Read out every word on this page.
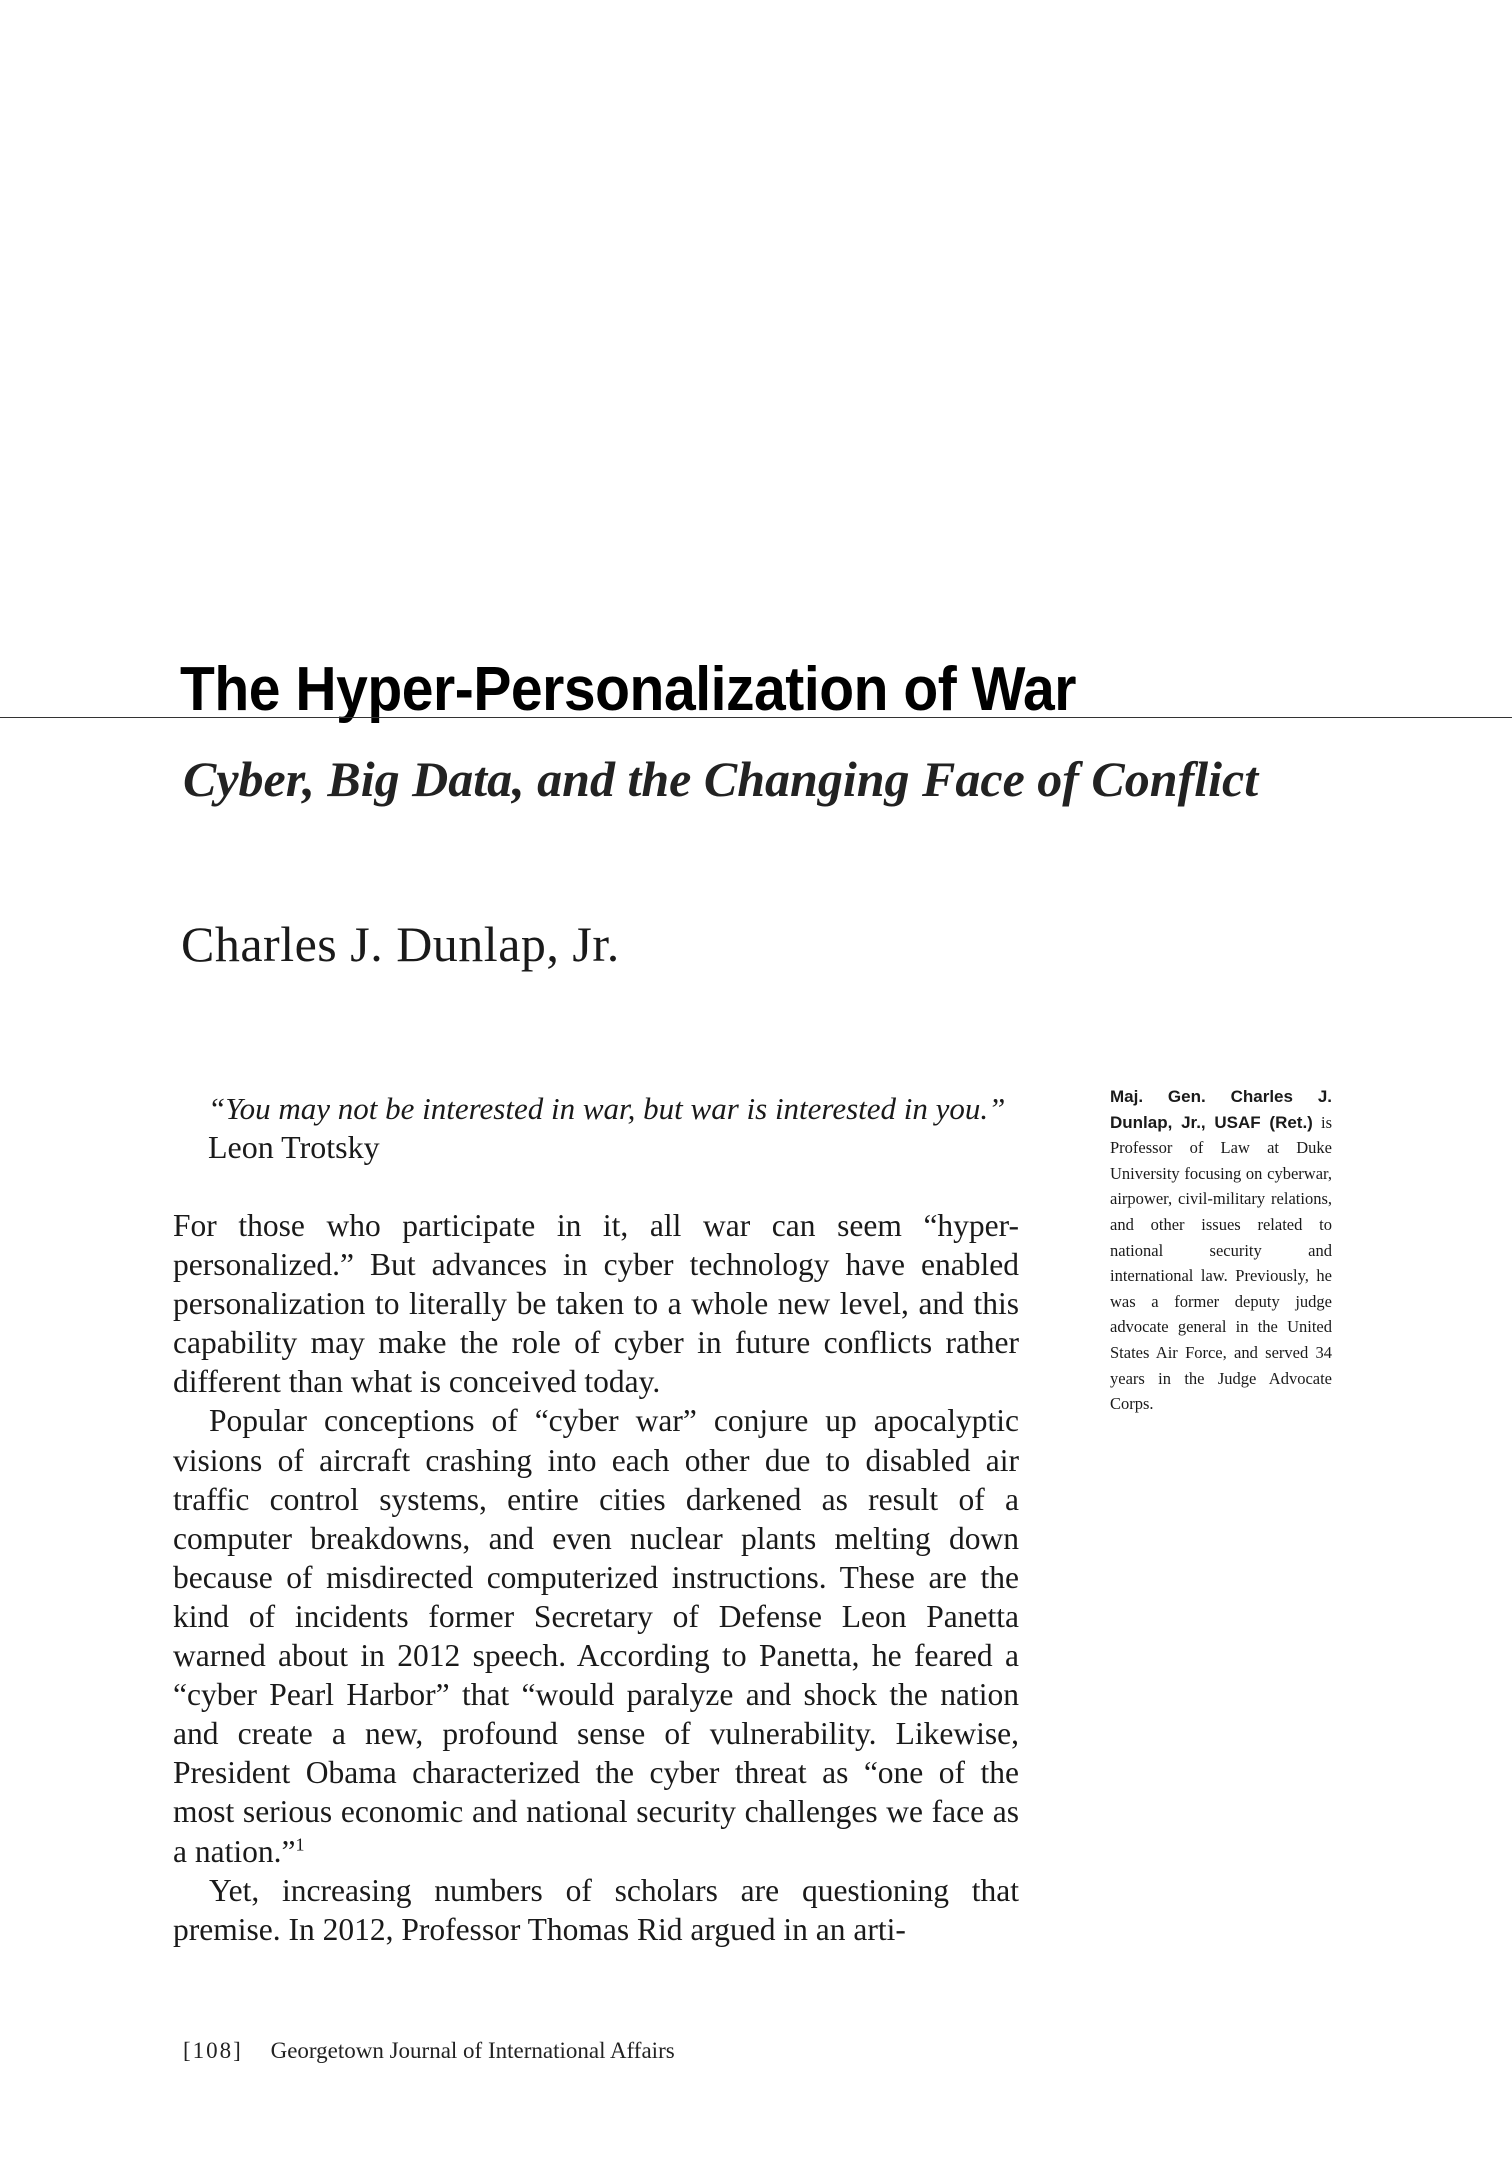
The Hyper-Personalization of War
Cyber, Big Data, and the Changing Face of Conflict
Charles J. Dunlap, Jr.
“You may not be interested in war, but war is interested in you.”
Leon Trotsky

For those who participate in it, all war can seem “hyper-personalized.” But advances in cyber technology have enabled personalization to literally be taken to a whole new level, and this capability may make the role of cyber in future conflicts rather different than what is conceived today.

Popular conceptions of “cyber war” conjure up apocalyptic visions of aircraft crashing into each other due to disabled air traffic control systems, entire cities darkened as result of a computer breakdowns, and even nuclear plants melting down because of misdirected computerized instructions. These are the kind of incidents former Secretary of Defense Leon Panetta warned about in 2012 speech. According to Panetta, he feared a “cyber Pearl Harbor” that “would paralyze and shock the nation and create a new, profound sense of vulnerability. Likewise, President Obama characterized the cyber threat as “one of the most serious economic and national security challenges we face as a nation.”$^1$

Yet, increasing numbers of scholars are questioning that premise. In 2012, Professor Thomas Rid argued in an arti-

Maj. Gen. Charles J. Dunlap, Jr., USAF (Ret.) is Professor of Law at Duke University focusing on cyberwar, airpower, civil-military relations, and other issues related to national security and international law. Previously, he was a former deputy judge advocate general in the United States Air Force, and served 34 years in the Judge Advocate Corps.
[108] Georgetown Journal of International Affairs
